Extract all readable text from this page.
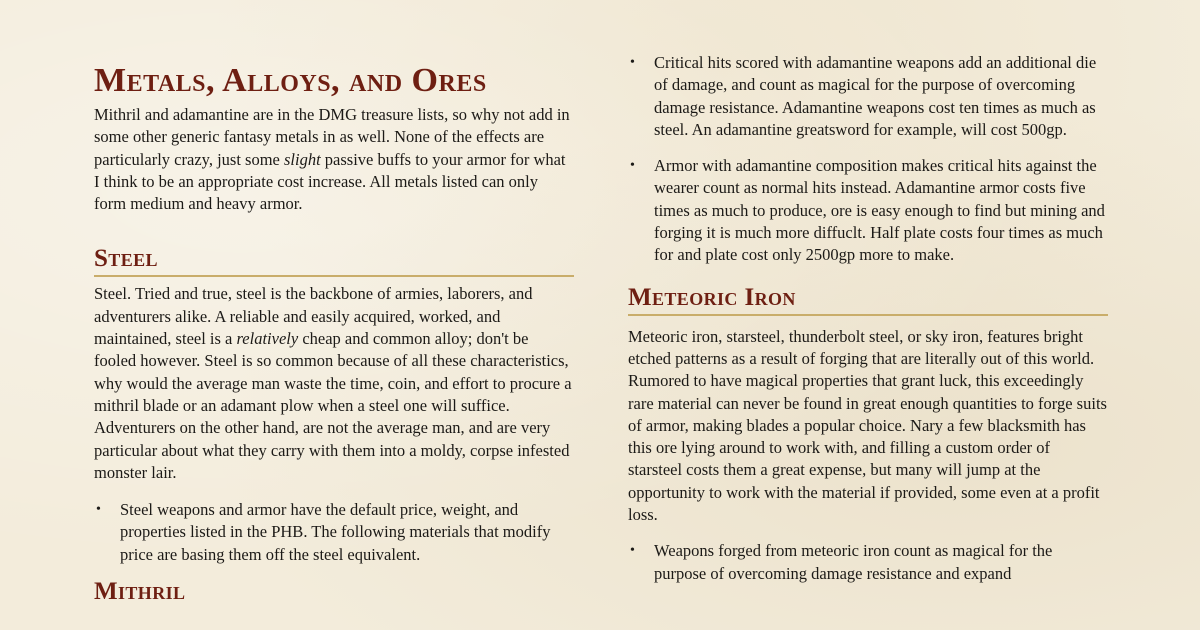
Metals, Alloys, and Ores

Mithril and adamantine are in the DMG treasure lists, so why not add in some other generic fantasy metals in as well. None of the effects are particularly crazy, just some slight passive buffs to your armor for what I think to be an appropriate cost increase. All metals listed can only form medium and heavy armor.

Steel

Steel. Tried and true, steel is the backbone of armies, laborers, and adventurers alike. A reliable and easily acquired, worked, and maintained, steel is a relatively cheap and common alloy; don't be fooled however. Steel is so common because of all these characteristics, why would the average man waste the time, coin, and effort to procure a mithril blade or an adamant plow when a steel one will suffice. Adventurers on the other hand, are not the average man, and are very particular about what they carry with them into a moldy, corpse infested monster lair.

• Steel weapons and armor have the default price, weight, and properties listed in the PHB. The following materials that modify price are basing them off the steel equivalent.
Mithril
• Critical hits scored with adamantine weapons add an additional die of damage, and count as magical for the purpose of overcoming damage resistance. Adamantine weapons cost ten times as much as steel. An adamantine greatsword for example, will cost 500gp.
• Armor with adamantine composition makes critical hits against the wearer count as normal hits instead. Adamantine armor costs five times as much to produce, ore is easy enough to find but mining and forging it is much more diffuclt. Half plate costs four times as much for and plate cost only 2500gp more to make.
Meteoric Iron

Meteoric iron, starsteel, thunderbolt steel, or sky iron, features bright etched patterns as a result of forging that are literally out of this world. Rumored to have magical properties that grant luck, this exceedingly rare material can never be found in great enough quantities to forge suits of armor, making blades a popular choice. Nary a few blacksmith has this ore lying around to work with, and filling a custom order of starsteel costs them a great expense, but many will jump at the opportunity to work with the material if provided, some even at a profit loss.

• Weapons forged from meteoric iron count as magical for the purpose of overcoming damage resistance and expand
